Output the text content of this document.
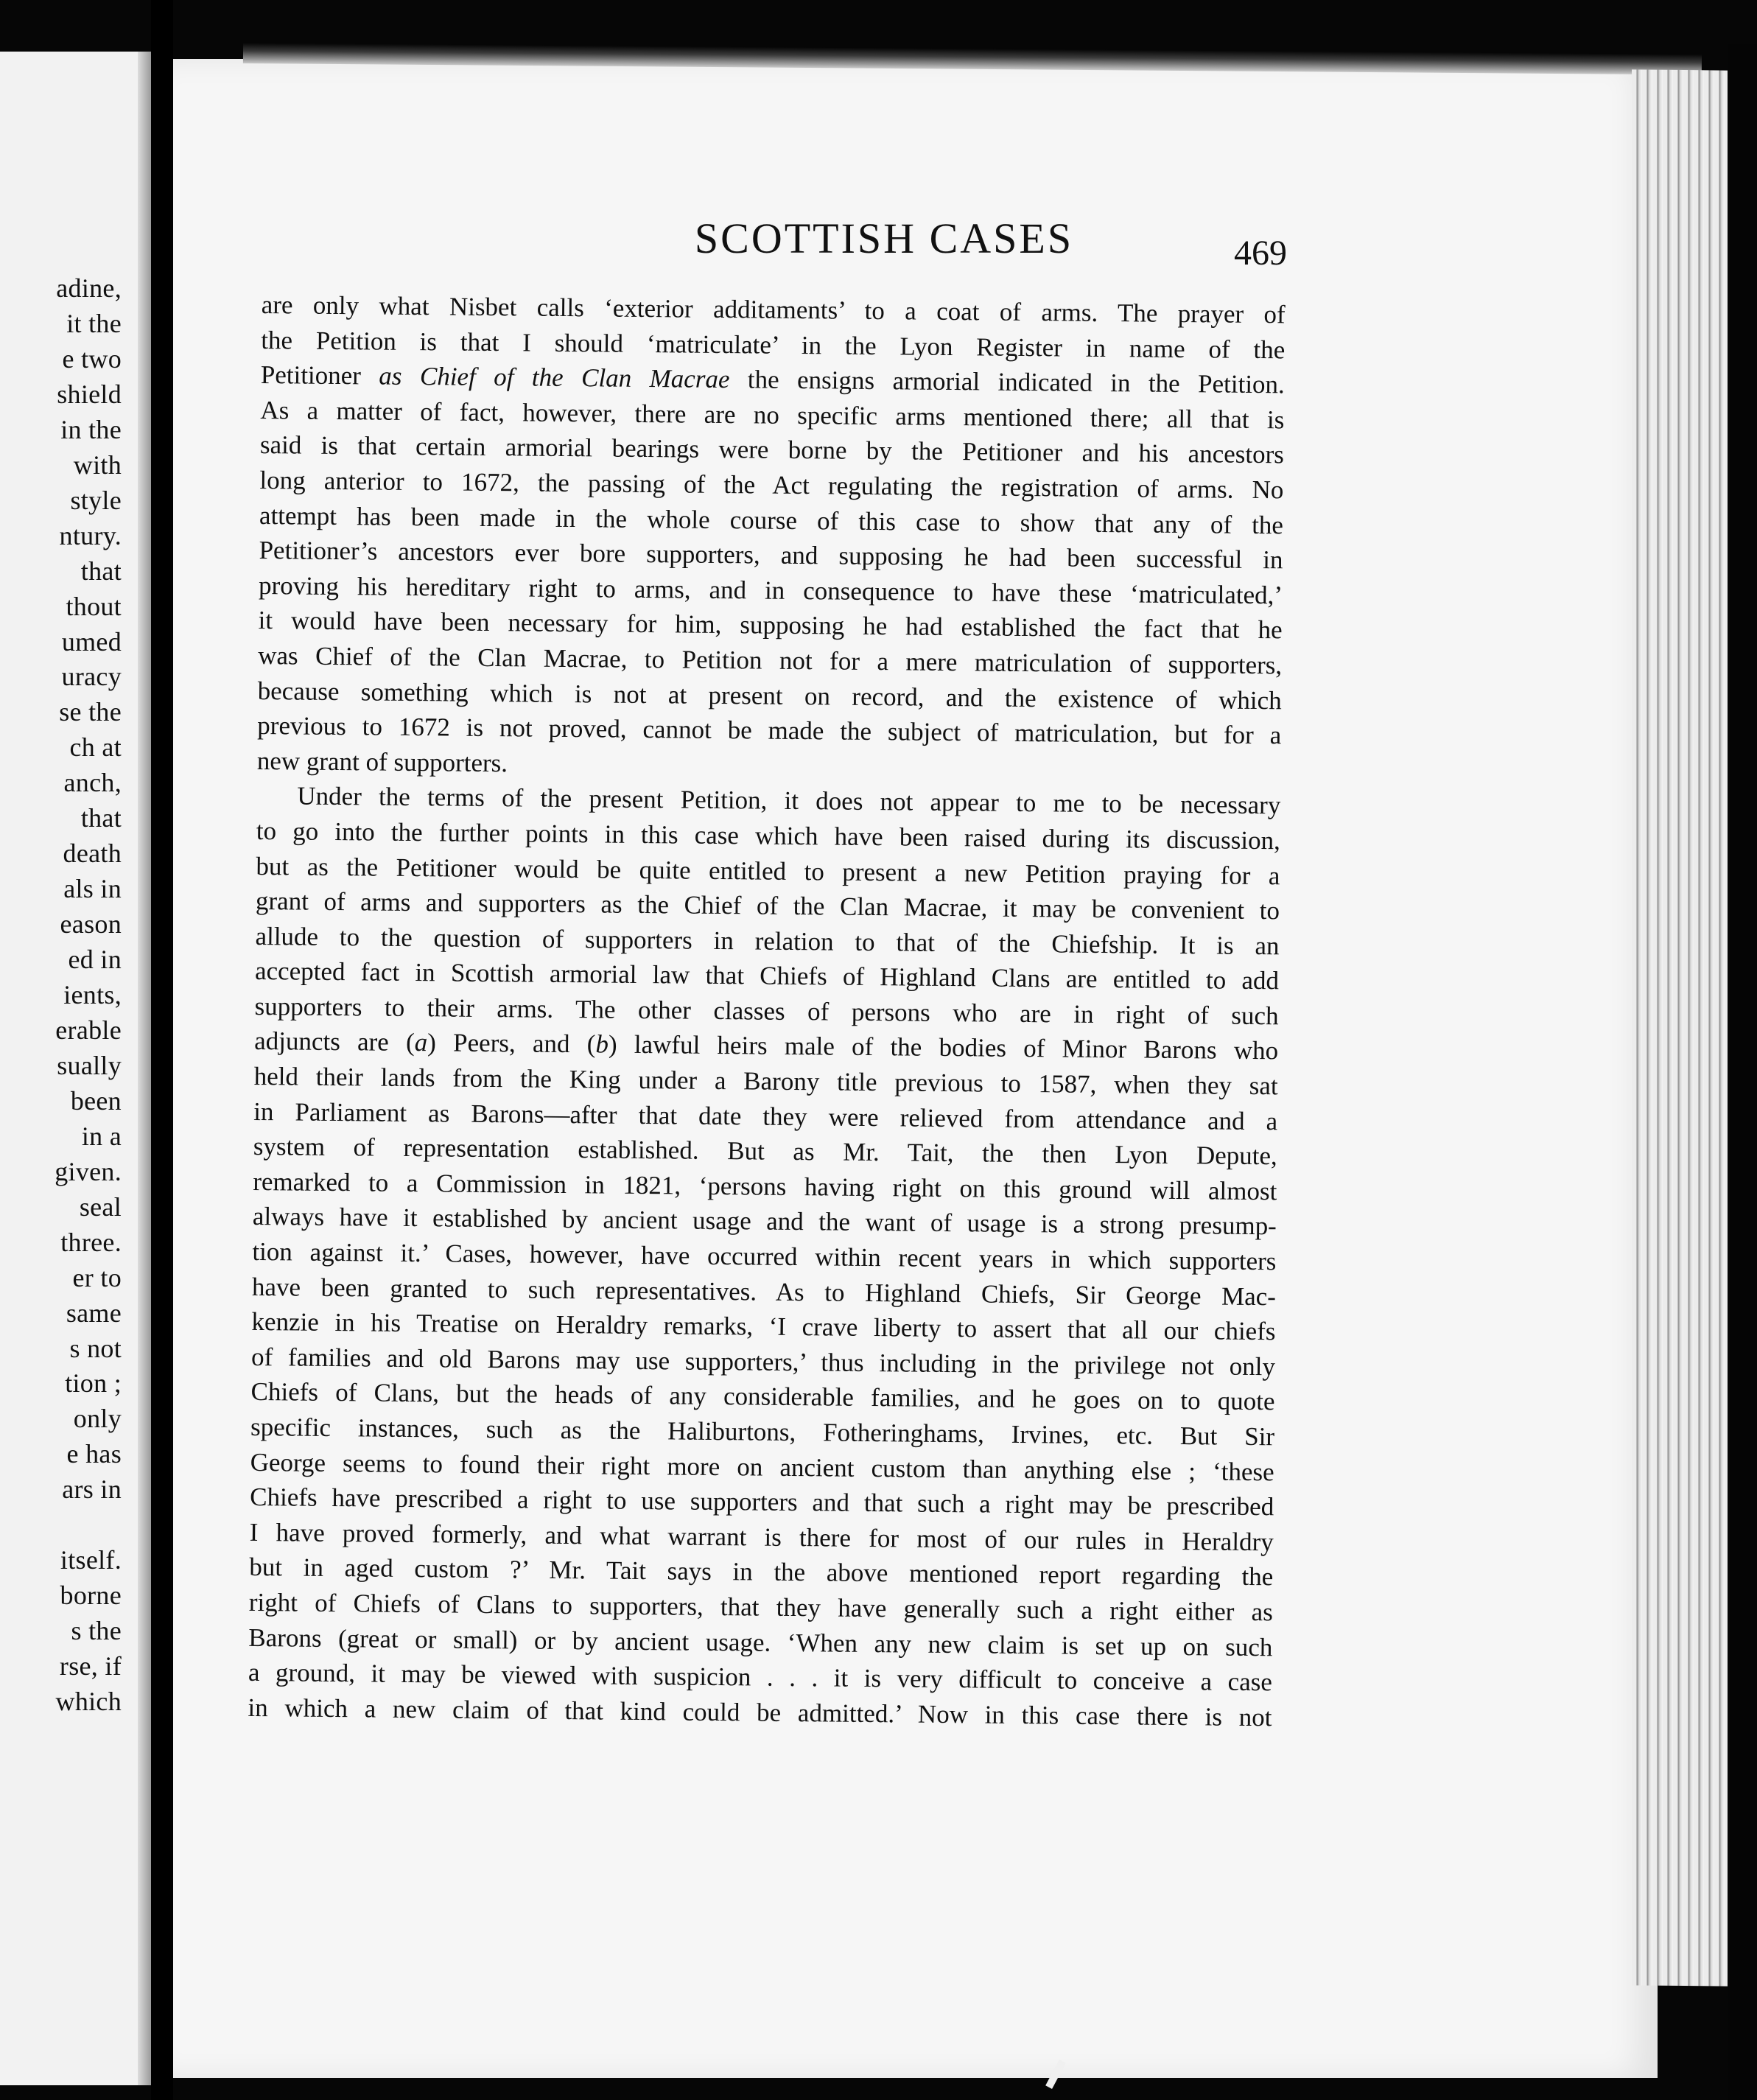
adine,
it the
e two
shield
in the
with
style
ntury.
that
thout
umed
uracy
se the
ch at
anch,
that
death
als in
eason
ed in
ients,
erable
sually
been
in a
given.
seal
three.
er to
same
s not
tion ;
only
e has
ars in
itself.
borne
s the
rse, if
which
SCOTTISH CASES	469
are only what Nisbet calls ‘exterior additaments’ to a coat of arms. The prayer of
the Petition is that I should ‘matriculate’ in the Lyon Register in name of the
Petitioner as Chief of the Clan Macrae the ensigns armorial indicated in the Petition.
As a matter of fact, however, there are no specific arms mentioned there; all that is
said is that certain armorial bearings were borne by the Petitioner and his ancestors
long anterior to 1672, the passing of the Act regulating the registration of arms. No
attempt has been made in the whole course of this case to show that any of the
Petitioner’s ancestors ever bore supporters, and supposing he had been successful in
proving his hereditary right to arms, and in consequence to have these ‘matriculated,’
it would have been necessary for him, supposing he had established the fact that he
was Chief of the Clan Macrae, to Petition not for a mere matriculation of supporters,
because something which is not at present on record, and the existence of which
previous to 1672 is not proved, cannot be made the subject of matriculation, but for a
new grant of supporters.
Under the terms of the present Petition, it does not appear to me to be necessary
to go into the further points in this case which have been raised during its discussion,
but as the Petitioner would be quite entitled to present a new Petition praying for a
grant of arms and supporters as the Chief of the Clan Macrae, it may be convenient to
allude to the question of supporters in relation to that of the Chiefship. It is an
accepted fact in Scottish armorial law that Chiefs of Highland Clans are entitled to add
supporters to their arms. The other classes of persons who are in right of such
adjuncts are (a) Peers, and (b) lawful heirs male of the bodies of Minor Barons who
held their lands from the King under a Barony title previous to 1587, when they sat
in Parliament as Barons—after that date they were relieved from attendance and a
system of representation established. But as Mr. Tait, the then Lyon Depute,
remarked to a Commission in 1821, ‘persons having right on this ground will almost
always have it established by ancient usage and the want of usage is a strong presump-
tion against it.’ Cases, however, have occurred within recent years in which supporters
have been granted to such representatives. As to Highland Chiefs, Sir George Mac-
kenzie in his Treatise on Heraldry remarks, ‘I crave liberty to assert that all our chiefs
of families and old Barons may use supporters,’ thus including in the privilege not only
Chiefs of Clans, but the heads of any considerable families, and he goes on to quote
specific instances, such as the Haliburtons, Fotheringhams, Irvines, etc. But Sir
George seems to found their right more on ancient custom than anything else ; ‘these
Chiefs have prescribed a right to use supporters and that such a right may be prescribed
I have proved formerly, and what warrant is there for most of our rules in Heraldry
but in aged custom ?’ Mr. Tait says in the above mentioned report regarding the
right of Chiefs of Clans to supporters, that they have generally such a right either as
Barons (great or small) or by ancient usage. ‘When any new claim is set up on such
a ground, it may be viewed with suspicion . . . it is very difficult to conceive a case
in which a new claim of that kind could be admitted.’ Now in this case there is not
